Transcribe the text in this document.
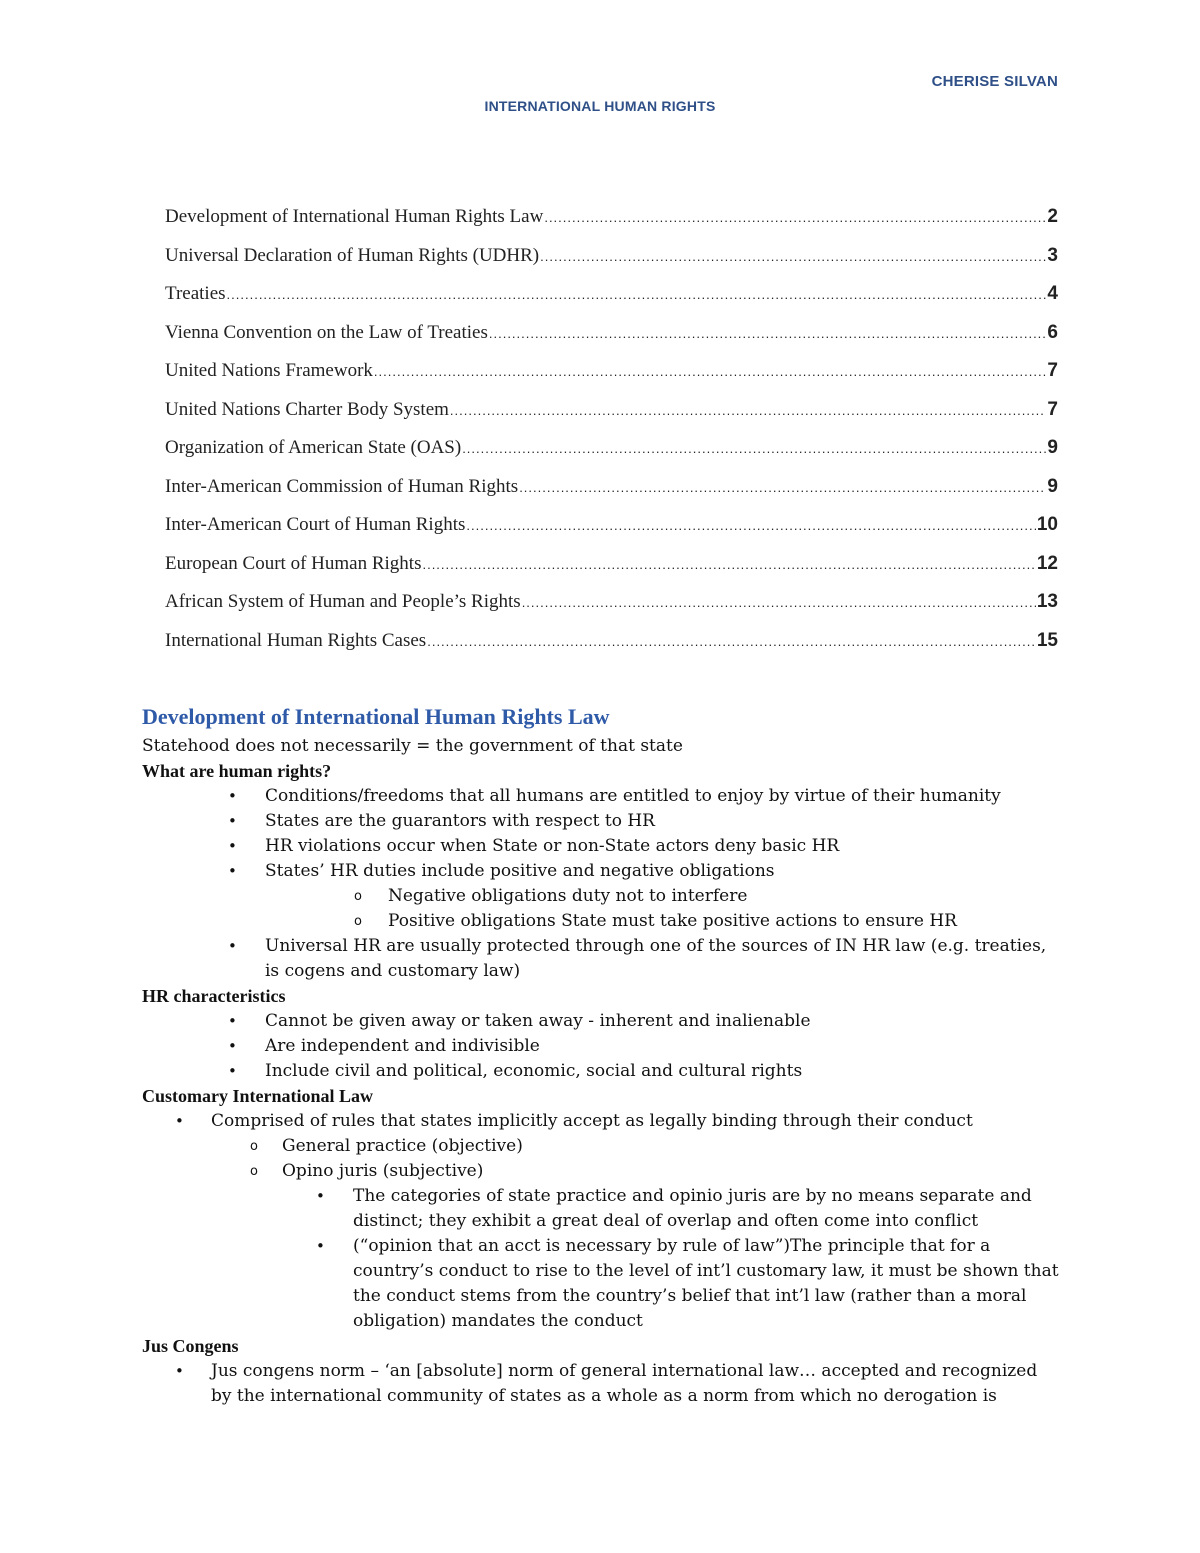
CHERISE SILVAN
INTERNATIONAL HUMAN RIGHTS
Development of International Human Rights Law .....	2
Universal Declaration of Human Rights (UDHR) .....	3
Treaties .....	4
Vienna Convention on the Law of Treaties .....	6
United Nations Framework .....	7
United Nations Charter Body System .....	7
Organization of American State (OAS) .....	9
Inter-American Commission of Human Rights .....	9
Inter-American Court of Human Rights .....	10
European Court of Human Rights .....	12
African System of Human and People’s Rights .....	13
International Human Rights Cases .....	15
Development of International Human Rights Law
Statehood does not necessarily = the government of that state
What are human rights?
• Conditions/freedoms that all humans are entitled to enjoy by virtue of their humanity
• States are the guarantors with respect to HR
• HR violations occur when State or non-State actors deny basic HR
• States’ HR duties include positive and negative obligations
o Negative obligations duty not to interfere
o Positive obligations State must take positive actions to ensure HR
• Universal HR are usually protected through one of the sources of IN HR law (e.g. treaties, is cogens and customary law)
HR characteristics
• Cannot be given away or taken away - inherent and inalienable
• Are independent and indivisible
• Include civil and political, economic, social and cultural rights
Customary International Law
• Comprised of rules that states implicitly accept as legally binding through their conduct
o General practice (objective)
o Opino juris (subjective)
• The categories of state practice and opinio juris are by no means separate and distinct; they exhibit a great deal of overlap and often come into conflict
• (“opinion that an acct is necessary by rule of law”)The principle that for a country’s conduct to rise to the level of int’l customary law, it must be shown that the conduct stems from the country’s belief that int’l law (rather than a moral obligation) mandates the conduct
Jus Congens
• Jus congens norm – ‘an [absolute] norm of general international law… accepted and recognized by the international community of states as a whole as a norm from which no derogation is
